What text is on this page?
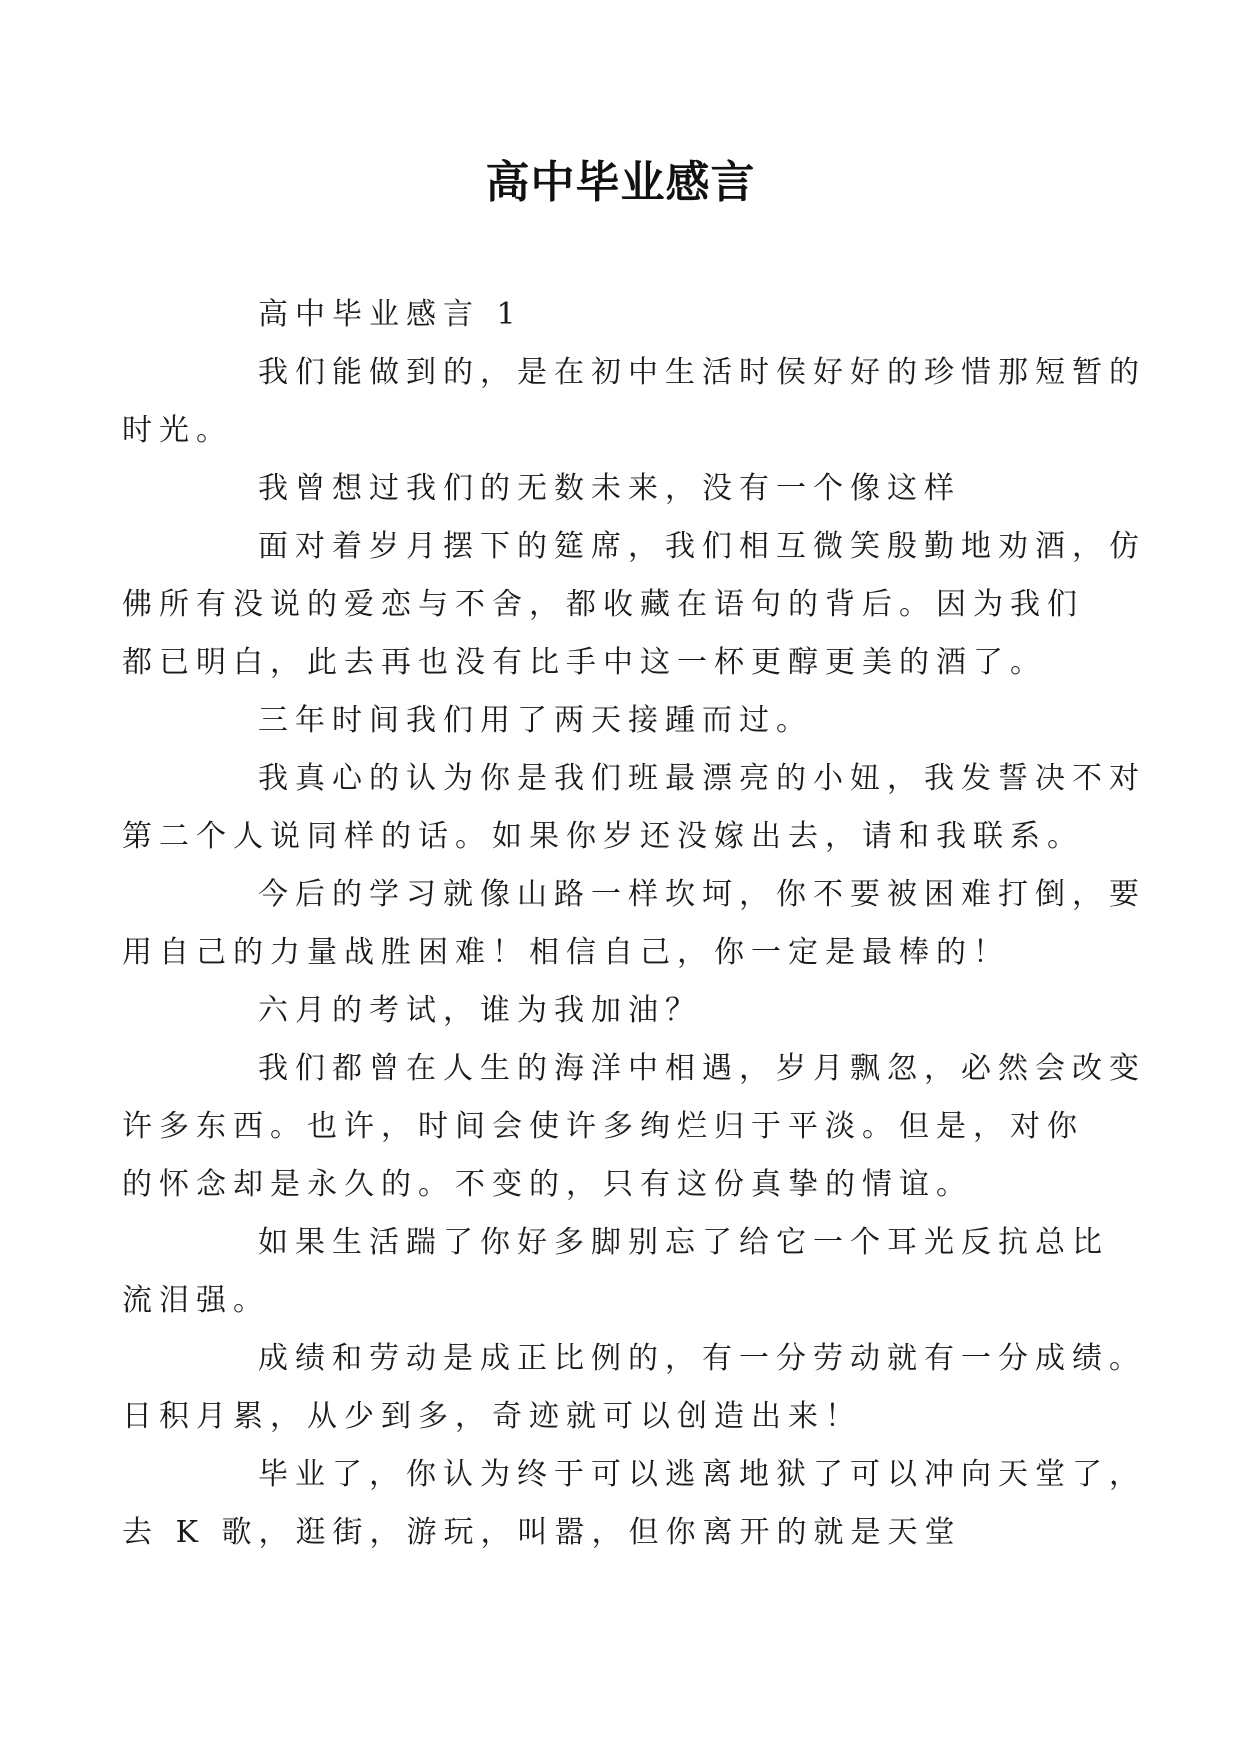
高中毕业感言

高中毕业感言 1

我们能做到的，是在初中生活时侯好好的珍惜那短暂的
时光。

我曾想过我们的无数未来，没有一个像这样

面对着岁月摆下的筵席，我们相互微笑殷勤地劝酒，仿
佛所有没说的爱恋与不舍，都收藏在语句的背后。因为我们
都已明白，此去再也没有比手中这一杯更醇更美的酒了。

三年时间我们用了两天接踵而过。

我真心的认为你是我们班最漂亮的小妞，我发誓决不对
第二个人说同样的话。如果你岁还没嫁出去，请和我联系。

今后的学习就像山路一样坎坷，你不要被困难打倒，要
用自己的力量战胜困难！相信自己，你一定是最棒的！

六月的考试，谁为我加油？

我们都曾在人生的海洋中相遇，岁月飘忽，必然会改变
许多东西。也许，时间会使许多绚烂归于平淡。但是，对你
的怀念却是永久的。不变的，只有这份真挚的情谊。

如果生活踹了你好多脚别忘了给它一个耳光反抗总比
流泪强。

成绩和劳动是成正比例的，有一分劳动就有一分成绩。
日积月累，从少到多，奇迹就可以创造出来！

毕业了，你认为终于可以逃离地狱了可以冲向天堂了，
去 K 歌，逛街，游玩，叫嚣，但你离开的就是天堂
